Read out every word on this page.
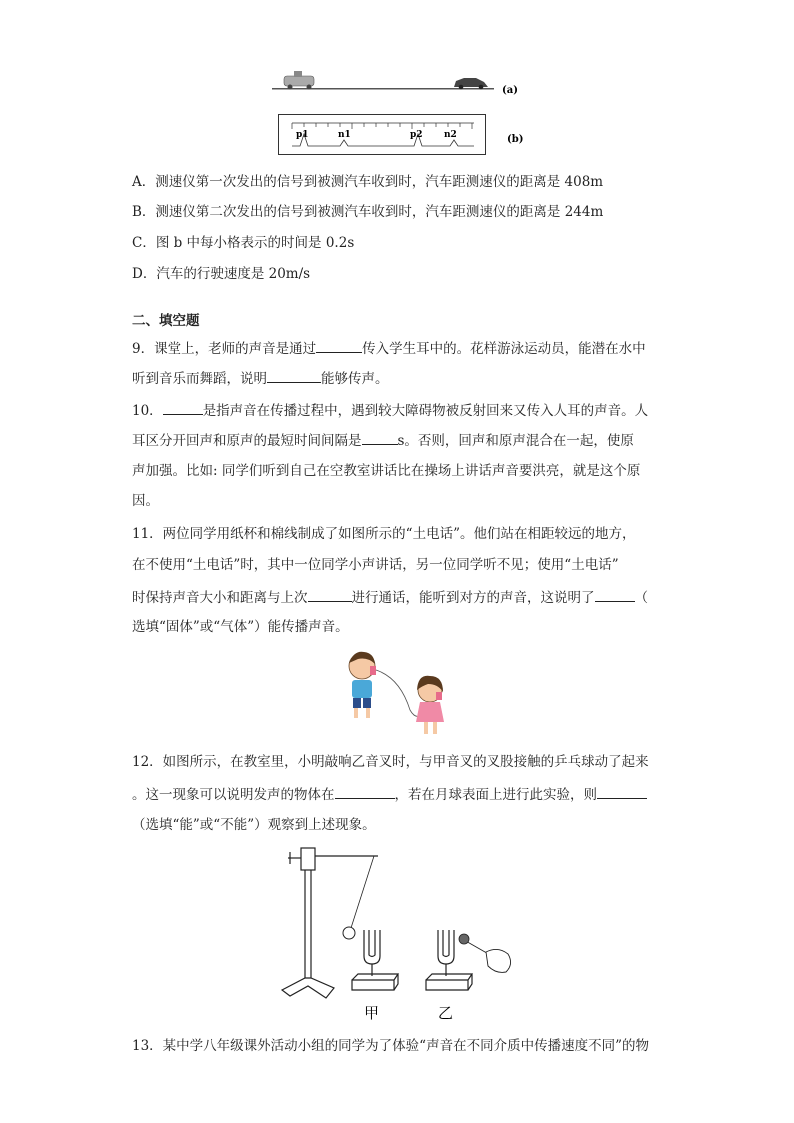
(a)
p1	n1	p2 n2	(b)
A．测速仪第一次发出的信号到被测汽车收到时，汽车距测速仪的距离是 408m
B．测速仪第二次发出的信号到被测汽车收到时，汽车距测速仪的距离是 244m
C．图 b 中每小格表示的时间是 0.2s
D．汽车的行驶速度是 20m/s
二、填空题
9．课堂上，老师的声音是通过	传入学生耳中的。花样游泳运动员，能潜在水中
听到音乐而舞蹈，说明	能够传声。
10．	是指声音在传播过程中，遇到较大障碍物被反射回来又传入人耳的声音。人
耳区分开回声和原声的最短时间间隔是	s。否则，回声和原声混合在一起，使原
声加强。比如: 同学们听到自己在空教室讲话比在操场上讲话声音要洪亮，就是这个原
因。
11．两位同学用纸杯和棉线制成了如图所示的“土电话”。他们站在相距较远的地方，
在不使用“土电话”时，其中一位同学小声讲话，另一位同学听不见；使用“土电话”
时保持声音大小和距离与上次	进行通话，能听到对方的声音，这说明了	（
选填“固体”或“气体”）能传播声音。
12．如图所示，在教室里，小明敲响乙音叉时，与甲音叉的叉股接触的乒乓球动了起来
。这一现象可以说明发声的物体在	，若在月球表面上进行此实验，则
（选填“能”或“不能”）观察到上述现象。
甲	乙
13．某中学八年级课外活动小组的同学为了体验“声音在不同介质中传播速度不同”的物
